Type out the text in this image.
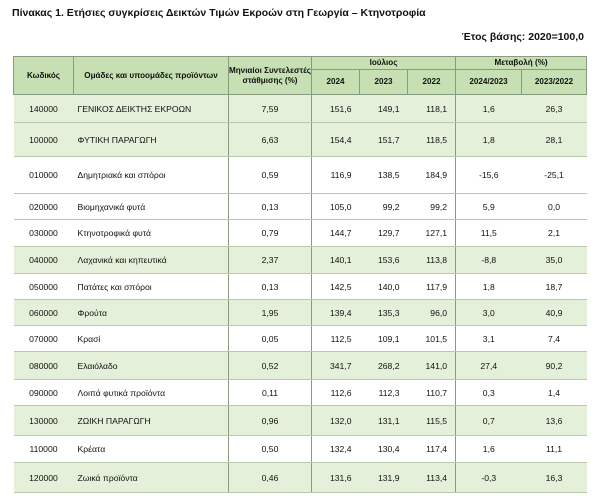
Πίνακας 1. Ετήσιες συγκρίσεις Δεικτών Τιμών Εκροών στη Γεωργία – Κτηνοτροφία
Έτος βάσης: 2020=100,0
Κωδικός	Ομάδες και υποομάδες προϊόντων	Μηνιαίοι Συντελεστές στάθμισης (%)	Ιούλιος			Μεταβολή (%)	
			2024	2023	2022	2024/2023	2023/2022
140000	ΓΕΝΙΚΟΣ ΔΕΙΚΤΗΣ ΕΚΡΟΩΝ	7,59	151,6	149,1	118,1	1,6	26,3
100000	ΦΥΤΙΚΗ ΠΑΡΑΓΩΓΗ	6,63	154,4	151,7	118,5	1,8	28,1
010000	Δημητριακά και σπόροι	0,59	116,9	138,5	184,9	-15,6	-25,1
020000	Βιομηχανικά φυτά	0,13	105,0	99,2	99,2	5,9	0,0
030000	Κτηνοτροφικά φυτά	0,79	144,7	129,7	127,1	11,5	2,1
040000	Λαχανικά και κηπευτικά	2,37	140,1	153,6	113,8	-8,8	35,0
050000	Πατάτες και σπόροι	0,13	142,5	140,0	117,9	1,8	18,7
060000	Φρούτα	1,95	139,4	135,3	96,0	3,0	40,9
070000	Κρασί	0,05	112,5	109,1	101,5	3,1	7,4
080000	Ελαιόλαδο	0,52	341,7	268,2	141,0	27,4	90,2
090000	Λοιπά φυτικά προϊόντα	0,11	112,6	112,3	110,7	0,3	1,4
130000	ΖΩΙΚΗ ΠΑΡΑΓΩΓΗ	0,96	132,0	131,1	115,5	0,7	13,6
110000	Κρέατα	0,50	132,4	130,4	117,4	1,6	11,1
120000	Ζωικά προϊόντα	0,46	131,6	131,9	113,4	-0,3	16,3
